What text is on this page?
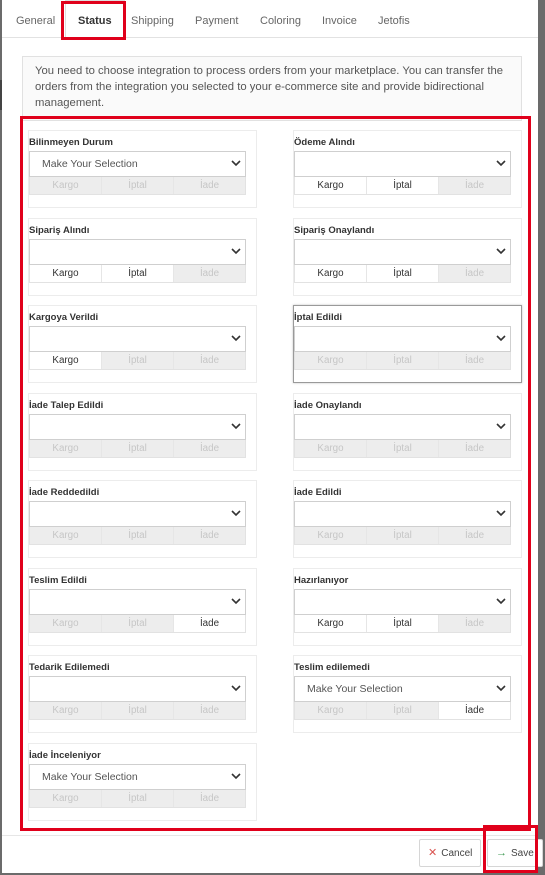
General	Status	Shipping Payment Coloring Invoice Jetofis
You need to choose integration to process orders from your marketplace. You can transfer the
orders from the integration you selected to your e-commerce site and provide bidirectional
management.
Bilinmeyen Durum
Make Your Selection
Kargo	İptal	İade
Ödeme Alındı
Kargo	İptal	İade
Sipariş Alındı
Kargo	İptal	İade
Sipariş Onaylandı
Kargo	İptal	İade
Kargoya Verildi
Kargo	İptal	İade
İptal Edildi
Kargo	İptal	İade
İade Talep Edildi
Kargo	İptal	İade
İade Onaylandı
Kargo	İptal	İade
İade Reddedildi
Kargo	İptal	İade
İade Edildi
Kargo	İptal	İade
Teslim Edildi
Kargo	İptal	İade
Hazırlanıyor
Kargo	İptal	İade
Tedarik Edilemedi
Kargo	İptal	İade
Teslim edilemedi
Make Your Selection
Kargo	İptal	İade
İade İnceleniyor
Make Your Selection
Kargo	İptal	İade
✕ Cancel	→ Save
